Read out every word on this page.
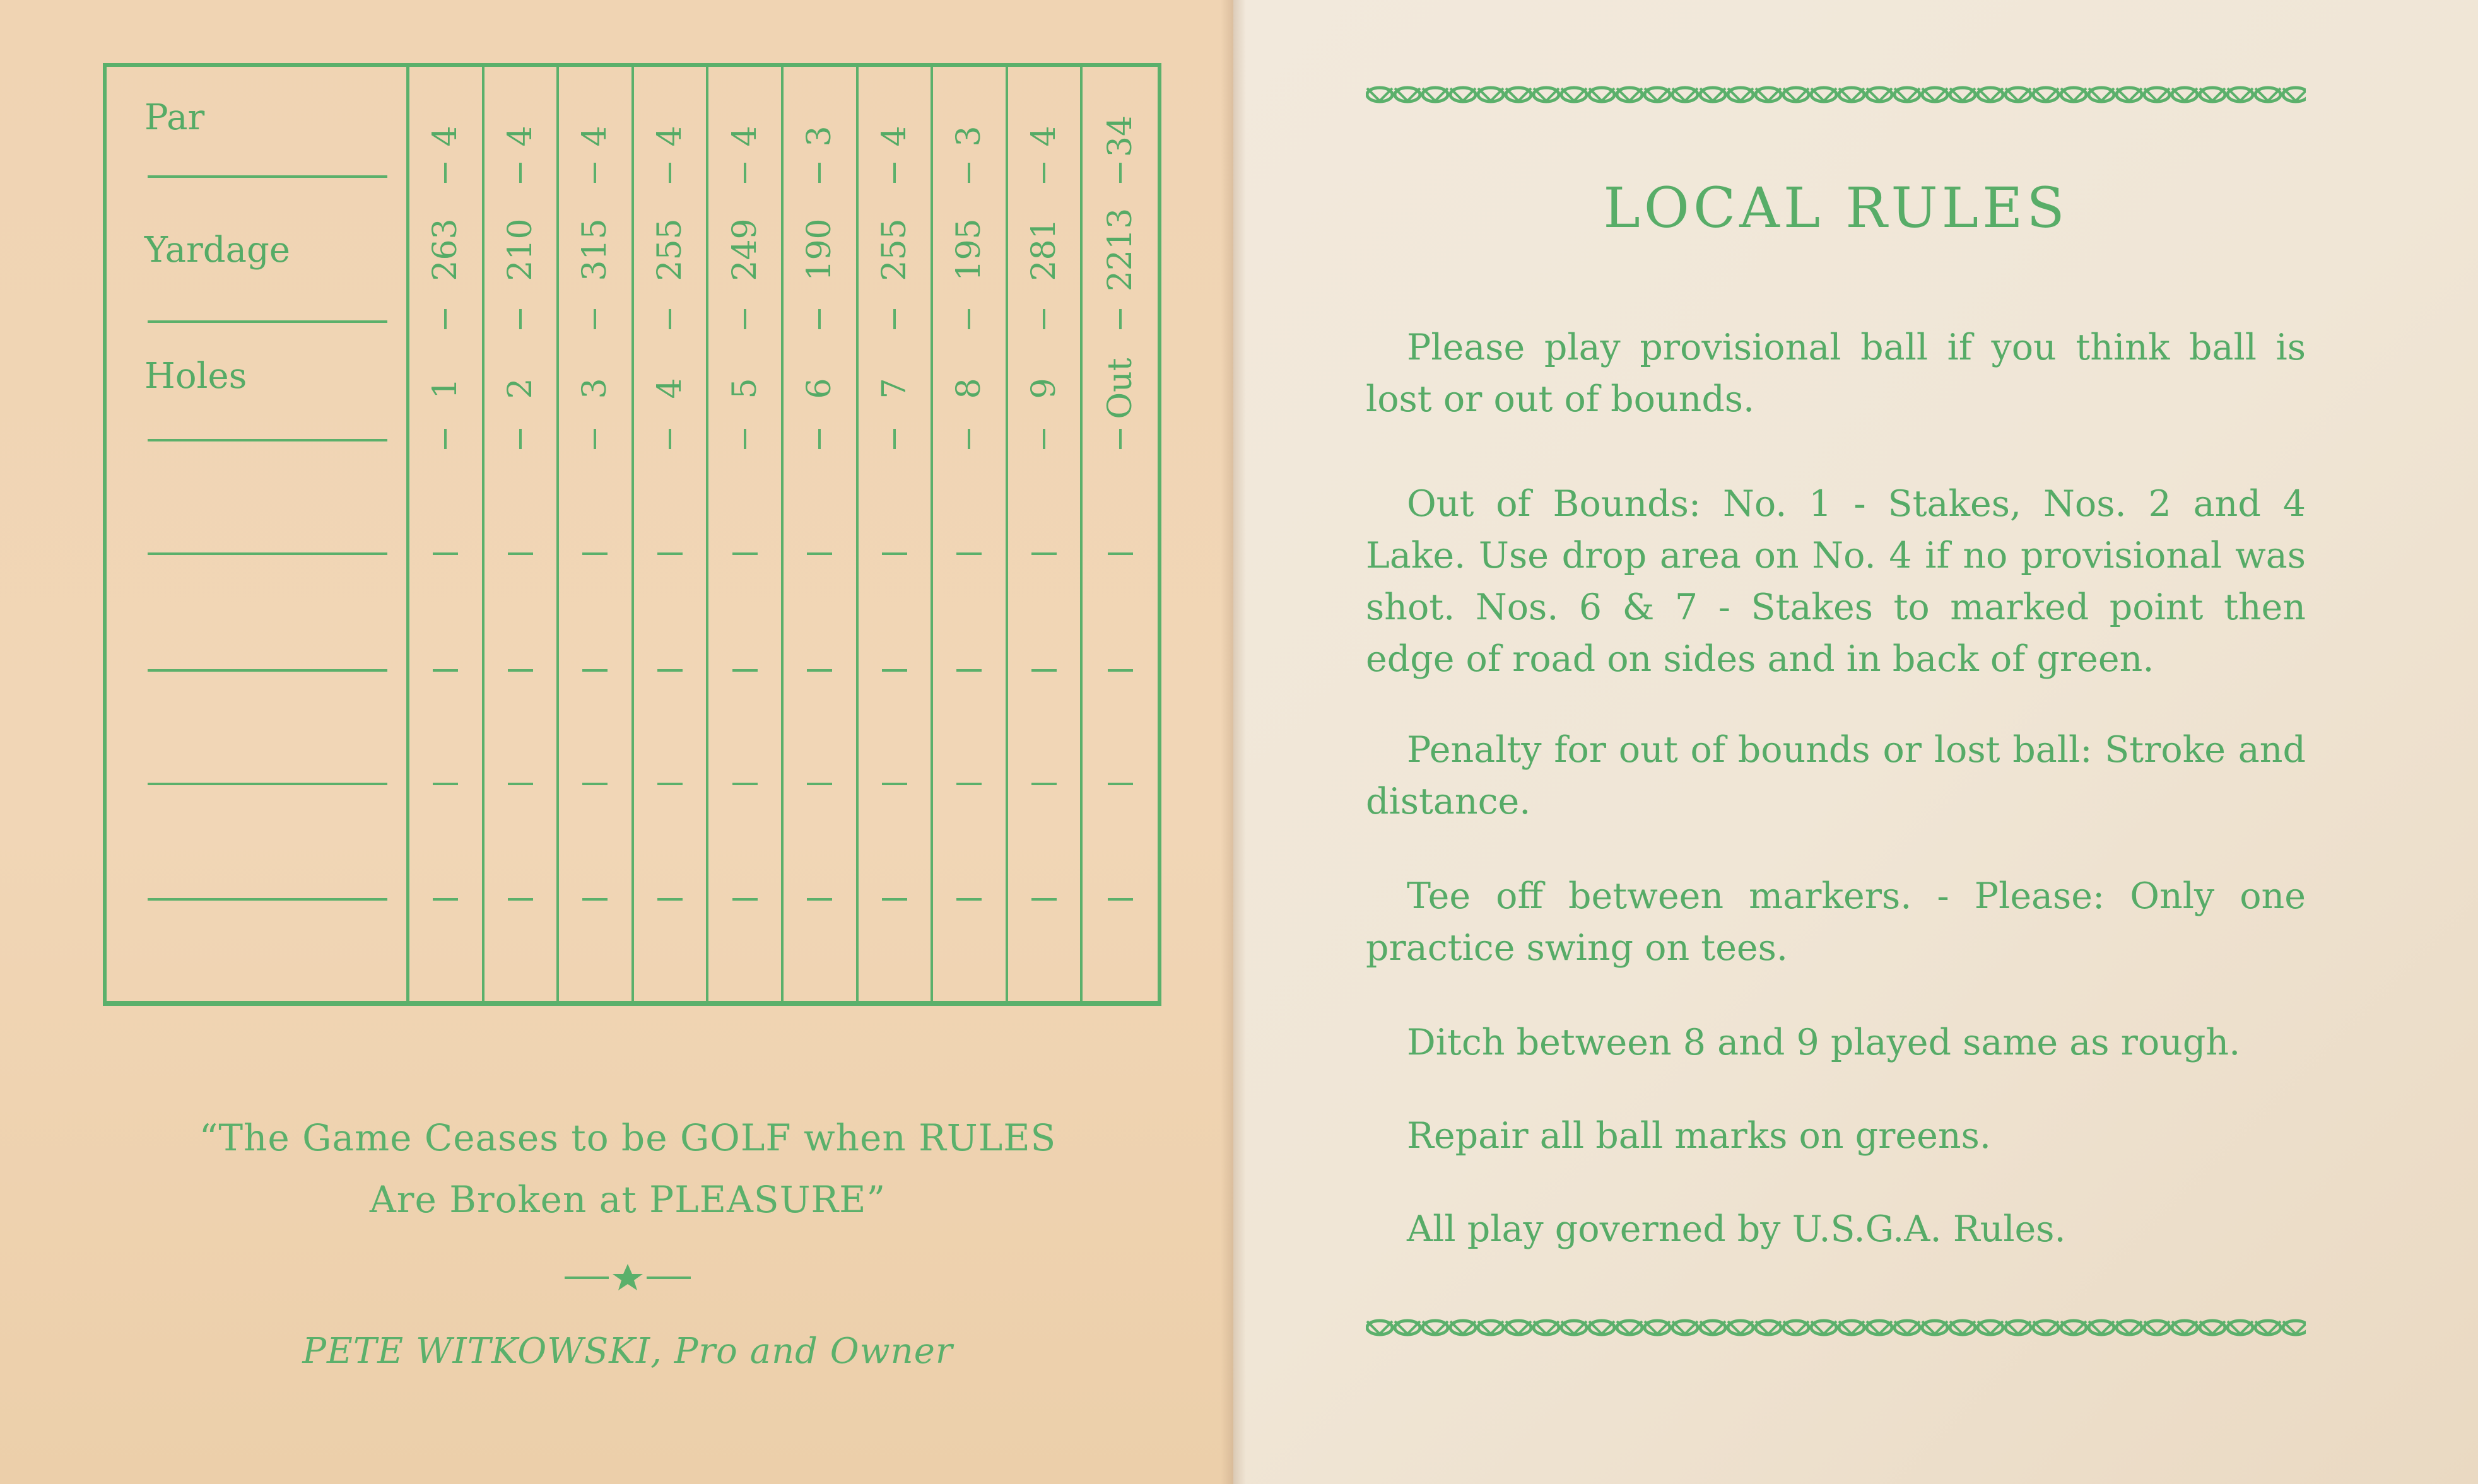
Par
Yardage
Holes
4
263
1
4
210
2
4
315
3
4
255
4
4
249
5
3
190
6
4
255
7
3
195
8
4
281
9
34
2213
Out
“The Game Ceases to be GOLF when RULES
Are Broken at PLEASURE”
PETE WITKOWSKI, Pro and Owner
LOCAL RULES
Please play provisional ball if you think ball is lost or out of bounds.
Out of Bounds: No. 1 - Stakes, Nos. 2 and 4 Lake. Use drop area on No. 4 if no provisional was shot. Nos. 6 & 7 - Stakes to marked point then edge of road on sides and in back of green.
Penalty for out of bounds or lost ball: Stroke and distance.
Tee off between markers. - Please: Only one practice swing on tees.
Ditch between 8 and 9 played same as rough.
Repair all ball marks on greens.
All play governed by U.S.G.A. Rules.
